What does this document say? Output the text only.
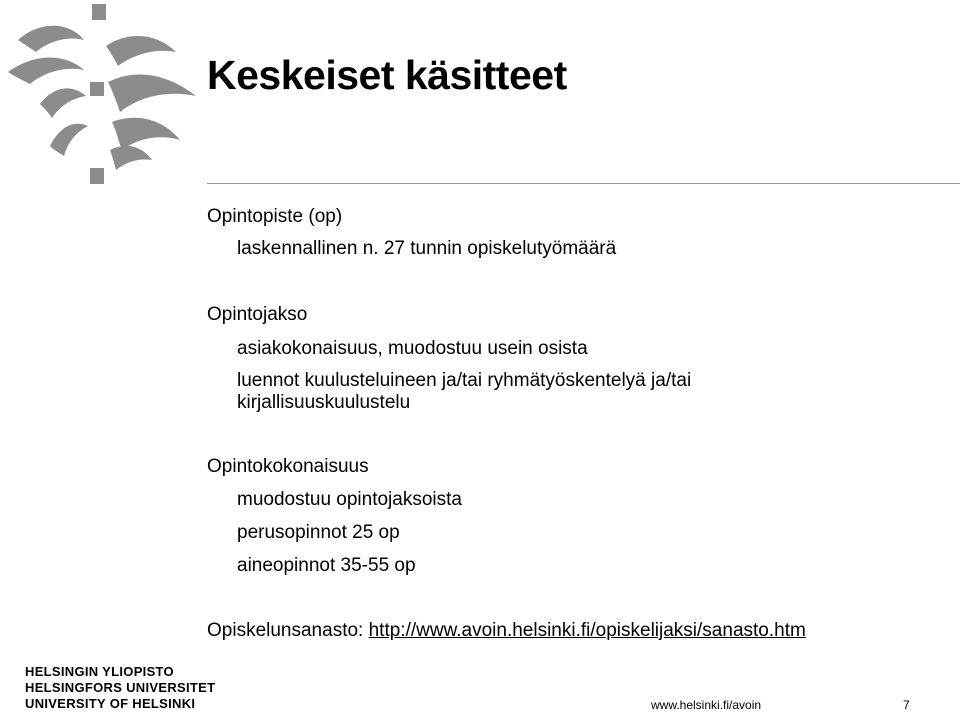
Keskeiset käsitteet

Opintopiste (op)

laskennallinen n. 27 tunnin opiskelutyömäärä

Opintojakso

asiakokonaisuus, muodostuu usein osista

luennot kuulusteluineen ja/tai ryhmätyöskentelyä ja/tai

kirjallisuuskuulustelu

Opintokokonaisuus

muodostuu opintojaksoista

perusopinnot 25 op

aineopinnot 35-55 op

Opiskelunsanasto: http://www.avoin.helsinki.fi/opiskelijaksi/sanasto.htm

HELSINGIN YLIOPISTO
HELSINGFORS UNIVERSITET
UNIVERSITY OF HELSINKI	www.helsinki.fi/avoin	7
